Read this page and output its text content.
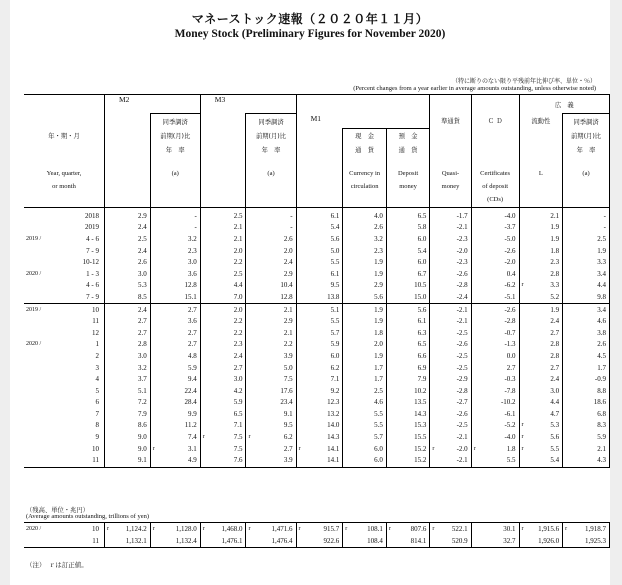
マネーストック速報（２０２０年１１月）
Money Stock (Preliminary Figures for November 2020)
（特に断りのない限り平残前年比伸び率、単位・％）
(Percent changes from a year earlier in average amounts outstanding, unless otherwise noted)
		M2				M3														広　義			
				同季調済				同季調済		M1						準通貨		Ｃ Ｄ		流動性		同季調済	
年・期・月				前期(月)比				前期(月)比				現　金		預　金								前期(月)比	
				年　率				年　率				通　貨		通　貨								年　率	

Year, quarter,				(a)				(a)				Currency in		Deposit		Quasi-		Certificates		L		(a)	
or month												circulation		money		money		of deposit					
																		(CDs)					

	2018		2.9		-		2.5		-		6.1		4.0		6.5		-1.7		-4.0		2.1		-
	2019		2.4		-		2.1		-		5.4		2.6		5.8		-2.1		-3.7		1.9		-
2019 /	4 - 6		2.5		3.2		2.1		2.6		5.6		3.2		6.0		-2.3		-5.0		1.9		2.5
	7 - 9		2.4		2.3		2.0		2.0		5.0		2.3		5.4		-2.0		-2.6		1.8		1.9
	10-12		2.6		3.0		2.2		2.4		5.5		1.9		6.0		-2.3		-2.0		2.3		3.3
2020 /	1 - 3		3.0		3.6		2.5		2.9		6.1		1.9		6.7		-2.6		0.4		2.8		3.4
	4 - 6		5.3		12.8		4.4		10.4		9.5		2.9		10.5		-2.8		-6.2	r	3.3		4.4
	7 - 9		8.5		15.1		7.0		12.8		13.8		5.6		15.0		-2.4		-5.1		5.2		9.8
2019 /	10		2.4		2.7		2.0		2.1		5.1		1.9		5.6		-2.1		-2.6		1.9		3.4
	11		2.7		3.6		2.2		2.9		5.5		1.9		6.1		-2.1		-2.8		2.4		4.6
	12		2.7		2.7		2.2		2.1		5.7		1.8		6.3		-2.5		-0.7		2.7		3.8
2020 /	1		2.8		2.7		2.3		2.2		5.9		2.0		6.5		-2.6		-1.3		2.8		2.6
	2		3.0		4.8		2.4		3.9		6.0		1.9		6.6		-2.5		0.0		2.8		4.5
	3		3.2		5.9		2.7		5.0		6.2		1.7		6.9		-2.5		2.7		2.7		1.7
	4		3.7		9.4		3.0		7.5		7.1		1.7		7.9		-2.9		-0.3		2.4		-0.9
	5		5.1		22.4		4.2		17.6		9.2		2.5		10.2		-2.8		-7.8		3.0		8.8
	6		7.2		28.4		5.9		23.4		12.3		4.6		13.5		-2.7		-10.2		4.4		18.6
	7		7.9		9.9		6.5		9.1		13.2		5.5		14.3		-2.6		-6.1		4.7		6.8
	8		8.6		11.2		7.1		9.5		14.0		5.5		15.3		-2.5		-5.2	r	5.3		8.3
	9		9.0		7.4	r	7.5	r	6.2		14.3		5.7		15.5		-2.1		-4.0	r	5.6		5.9
	10		9.0	r	3.1		7.5		2.7	r	14.1		6.0		15.2	r	-2.0	r	1.8	r	5.5		2.1
	11		9.1		4.9		7.6		3.9		14.1		6.0		15.2		-2.1		5.5		5.4		4.3
（残高、単位・兆円）
(Average amounts outstanding, trillions of yen)
2020 /	10	r	1,124.2	r	1,128.0	r	1,468.0	r	1,471.6	r	915.7	r	108.1	r	807.6	r	522.1		30.1	r	1,915.6	r	1,918.7
	11		1,132.1		1,132.4		1,476.1		1,476.4		922.6		108.4		814.1		520.9		32.7		1,926.0		1,925.3
（注）　ｒは訂正値。
